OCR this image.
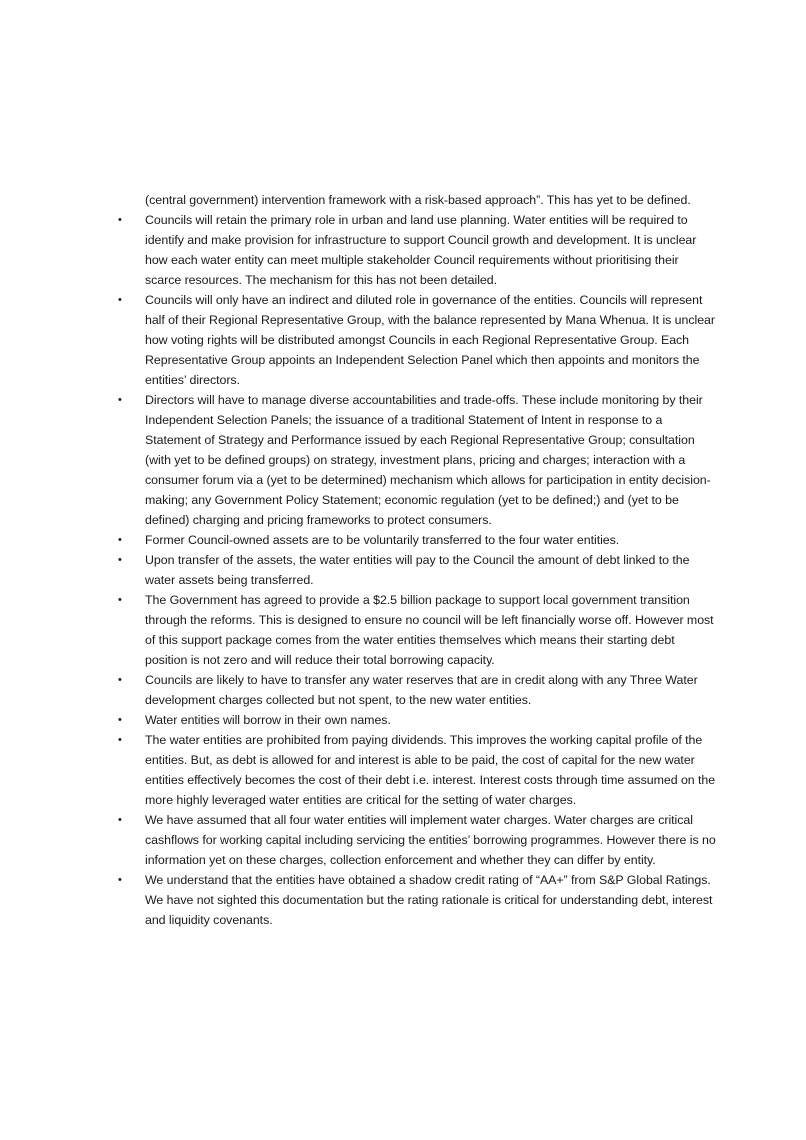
(central government) intervention framework with a risk-based approach”. This has yet to be defined.

•	Councils will retain the primary role in urban and land use planning. Water entities will be required to identify and make provision for infrastructure to support Council growth and development. It is unclear how each water entity can meet multiple stakeholder Council requirements without prioritising their scarce resources. The mechanism for this has not been detailed.
•	Councils will only have an indirect and diluted role in governance of the entities. Councils will represent half of their Regional Representative Group, with the balance represented by Mana Whenua. It is unclear how voting rights will be distributed amongst Councils in each Regional Representative Group. Each Representative Group appoints an Independent Selection Panel which then appoints and monitors the entities’ directors.
•	Directors will have to manage diverse accountabilities and trade-offs. These include monitoring by their Independent Selection Panels; the issuance of a traditional Statement of Intent in response to a Statement of Strategy and Performance issued by each Regional Representative Group; consultation (with yet to be defined groups) on strategy, investment plans, pricing and charges; interaction with a consumer forum via a (yet to be determined) mechanism which allows for participation in entity decision-making; any Government Policy Statement; economic regulation (yet to be defined;) and (yet to be defined) charging and pricing frameworks to protect consumers.
•	Former Council-owned assets are to be voluntarily transferred to the four water entities.
•	Upon transfer of the assets, the water entities will pay to the Council the amount of debt linked to the water assets being transferred.
•	The Government has agreed to provide a $2.5 billion package to support local government transition through the reforms. This is designed to ensure no council will be left financially worse off. However most of this support package comes from the water entities themselves which means their starting debt position is not zero and will reduce their total borrowing capacity.
•	Councils are likely to have to transfer any water reserves that are in credit along with any Three Water development charges collected but not spent, to the new water entities.
•	Water entities will borrow in their own names.
•	The water entities are prohibited from paying dividends. This improves the working capital profile of the entities. But, as debt is allowed for and interest is able to be paid, the cost of capital for the new water entities effectively becomes the cost of their debt i.e. interest. Interest costs through time assumed on the more highly leveraged water entities are critical for the setting of water charges.
•	We have assumed that all four water entities will implement water charges. Water charges are critical cashflows for working capital including servicing the entities’ borrowing programmes. However there is no information yet on these charges, collection enforcement and whether they can differ by entity.
•	We understand that the entities have obtained a shadow credit rating of “AA+” from S&P Global Ratings. We have not sighted this documentation but the rating rationale is critical for understanding debt, interest and liquidity covenants.
